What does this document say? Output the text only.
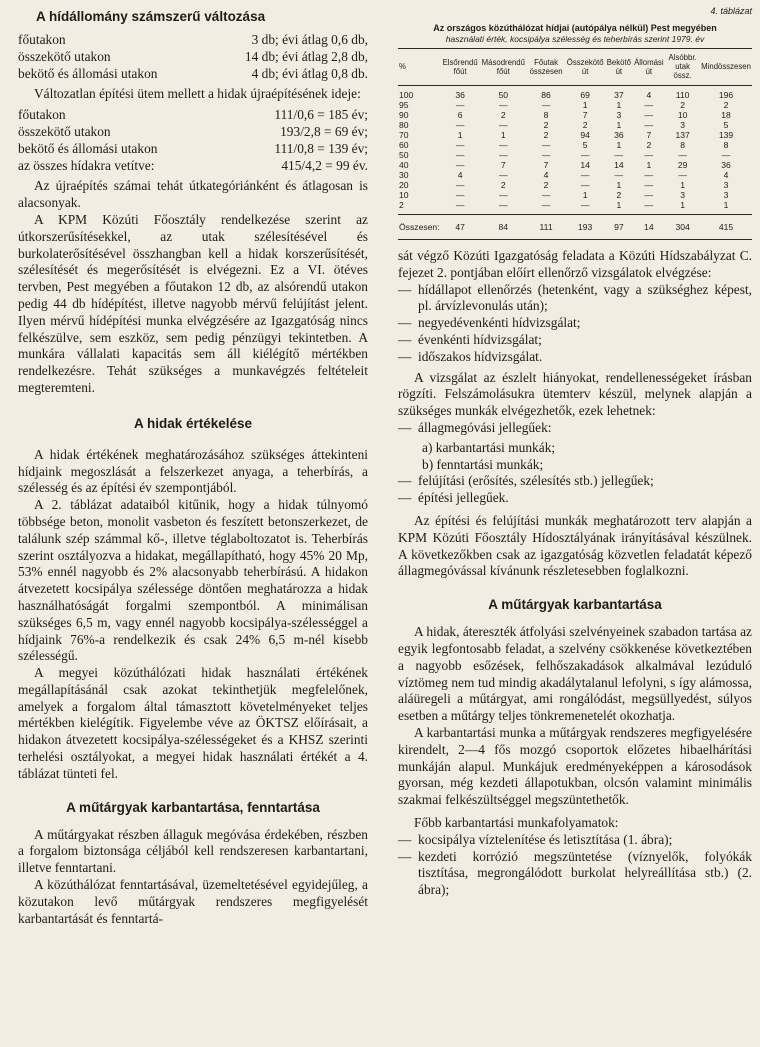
A hídállomány számszerű változása
főutakon	3 db; évi átlag 0,6 db,
összekötő utakon	14 db; évi átlag 2,8 db,
bekötő és állomási utakon	4 db; évi átlag 0,8 db.

Változatlan építési ütem mellett a hidak újraépítésének ideje:

főutakon	111/0,6 = 185 év;
összekötő utakon	193/2,8 = 69 év;
bekötő és állomási utakon	111/0,8 = 139 év;
az összes hídakra vetítve:	415/4,2 = 99 év.

Az újraépítés számai tehát útkategóriánként és átlagosan is alacsonyak.

A KPM Közúti Főosztály rendelkezése szerint az útkorszerűsítésekkel, az utak szélesítésével és burkolaterősítésével összhangban kell a hidak korszerűsítését, szélesítését és megerősítését is elvégezni. Ez a VI. ötéves tervben, Pest megyében a főutakon 12 db, az alsórendű utakon pedig 44 db hídépítést, illetve nagyobb mérvű felújítást jelent. Ilyen mérvű hídépítési munka elvégzésére az Igazgatóság nincs felkészülve, sem eszköz, sem pedig pénzügyi tekintetben. A munkára vállalati kapacitás sem áll kiélégítő mértékben rendelkezésre. Tehát szükséges a munkavégzés feltételeit megteremteni.

A hidak értékelése

A hidak értékének meghatározásához szükséges áttekinteni hídjaink megoszlását a felszerkezet anyaga, a teherbírás, a szélesség és az építési év szempontjából.

A 2. táblázat adataiból kitűnik, hogy a hidak túlnyomó többsége beton, monolit vasbeton és feszített betonszerkezet, de találunk szép számmal kő-, illetve téglaboltozatot is. Teherbírás szerint osztályozva a hidakat, megállapítható, hogy 45% 20 Mp, 53% ennél nagyobb és 2% alacsonyabb teherbírású. A hidakon átvezetett kocsipálya szélessége döntően meghatározza a hidak használhatóságát forgalmi szempontból. A minimálisan szükséges 6,5 m, vagy ennél nagyobb kocsipálya-szélességgel a hídjaink 76%-a rendelkezik és csak 24% 6,5 m-nél kisebb szélességű.

A megyei közúthálózati hidak használati értékének megállapításánál csak azokat tekinthetjük megfelelőnek, amelyek a forgalom által támasztott követelményeket teljes mértékben kielégítik. Figyelembe véve az ÖKTSZ előírásait, a hidakon átvezetett kocsipálya-szélességeket és a KHSZ szerinti terhelési osztályokat, a megyei hidak használati értékét a 4. táblázat tünteti fel.

A műtárgyak karbantartása, fenntartása

A műtárgyakat részben állaguk megóvása érdekében, részben a forgalom biztonsága céljából kell rendszeresen karbantartani, illetve fenntartani.

A közúthálózat fenntartásával, üzemeltetésével egyidejűleg, a közutakon levő műtárgyak rendszeres megfigyelését karbantartását és fenntartá-

4. táblázat
Az országos közúthálózat hídjai (autópálya nélkül) Pest megyében
használati érték, kocsipálya szélesség és teherbírás szerint 1979. év
%	Elsőrendű főút	Másodrendű főút	Főutak összesen	Összekötő út	Bekötő út	Állomási út	Alsóbbr. utak össz.	Mindösszesen
100	36	50	86	69	37	4	110	196
95	—	—	—	1	1	—	2	2
90	6	2	8	7	3	—	10	18
80	—	—	2	2	1	—	3	5
70	1	1	2	94	36	7	137	139
60	—	—	—	5	1	2	8	8
50	—	—	—	—	—	—	—	—
40	—	7	7	14	14	1	29	36
30	4	—	4	—	—	—	—	4
20	—	2	2	—	1	—	1	3
10	—	—	—	1	2	—	3	3
2	—	—	—	—	1	—	1	1
Összesen:	47	84	111	193	97	14	304	415

sát végző Közúti Igazgatóság feladata a Közúti Hídszabályzat C. fejezet 2. pontjában előírt ellenőrző vizsgálatok elvégzése:

— hídállapot ellenőrzés (hetenként, vagy a szükséghez képest, pl. árvízlevonulás után);
— negyedévenkénti hídvizsgálat;
— évenkénti hídvizsgálat;
— időszakos hídvizsgálat.

A vizsgálat az észlelt hiányokat, rendellenességeket írásban rögzíti. Felszámolásukra ütemterv készül, melynek alapján a szükséges munkák elvégezhetők, ezek lehetnek:

— állagmegóvási jellegűek:
a) karbantartási munkák;
b) fenntartási munkák;
— felújítási (erősítés, szélesítés stb.) jellegűek;
— építési jellegűek.

Az építési és felújítási munkák meghatározott terv alapján a KPM Közúti Főosztály Hídosztályának irányításával készülnek. A következőkben csak az igazgatóság közvetlen feladatát képező állagmegóvással kívánunk részletesebben foglalkozni.

A műtárgyak karbantartása

A hidak, átereszték átfolyási szelvényeinek szabadon tartása az egyik legfontosabb feladat, a szelvény csökkenése következtében a nagyobb esőzések, felhőszakadások alkalmával lezúduló víztömeg nem tud mindig akadálytalanul lefolyni, s így alámossa, aláüregeli a műtárgyat, ami rongálódást, megsüllyedést, súlyos esetben a műtárgy teljes tönkremenetelét okozhatja.

A karbantartási munka a műtárgyak rendszeres megfigyelésére kirendelt, 2—4 fős mozgó csoportok előzetes hibaelhárítási munkáján alapul. Munkájuk eredményeképpen a károsodások gyorsan, még kezdeti állapotukban, olcsón valamint minimális szakmai felkészültséggel megszüntethetők.

Főbb karbantartási munkafolyamatok:

— kocsipálya víztelenítése és letisztítása (1. ábra);
— kezdeti korrózió megszüntetése (víznyelők, folyókák tisztítása, megrongálódott burkolat helyreállítása stb.) (2. ábra);
